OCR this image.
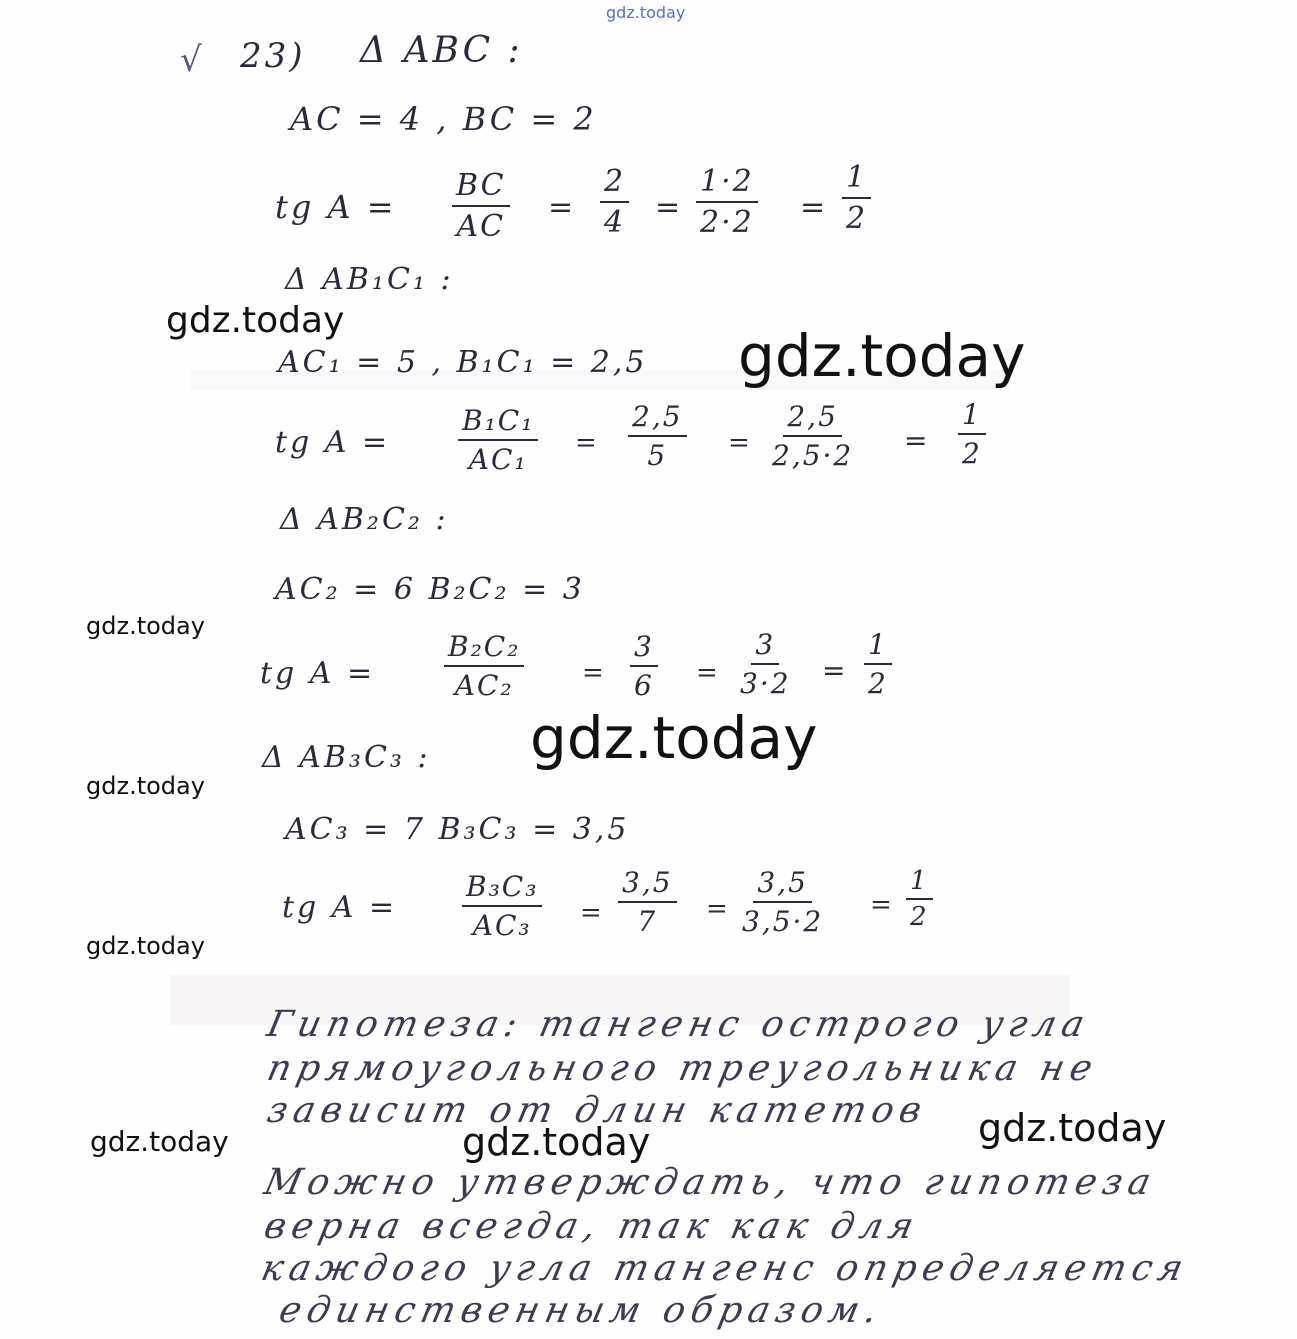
gdz.today
gdz.today
gdz.today
gdz.today
gdz.today
gdz.today
gdz.today
gdz.today	gdz.today	gdz.today
√ 23) Δ ABC :
AC = 4 , BC = 2
tg $A = \frac{BC}{AC} = \frac{2}{4} = \frac{1\cdot 2}{2\cdot 2} = \frac{1}{2}$
Δ AB₁C₁ :
AC₁ = 5 , B₁C₁ = 2,5
tg $A = \frac{\text{B₁C₁}}{\text{AC₁}} = \frac{2,5}{5} = \frac{2,5}{2,5\cdot 2} = \frac{1}{2}$
Δ AB₂C₂ :
AC₂ = 6 B₂C₂ = 3
tg $A = \frac{\text{B₂C₂}}{\text{AC₂}} = \frac{3}{6} = \frac{3}{3\cdot 2} = \frac{1}{2}$
Δ AB₃C₃ :
AC₃ = 7 B₃C₃ = 3,5
tg $A = \frac{\text{B₃C₃}}{\text{AC₃}} = \frac{3,5}{7} = \frac{3,5}{3,5\cdot 2} = \frac{1}{2}$
Гипотеза: тангенс острого угла
прямоугольного треугольника не
зависит от длин катетов
Можно утверждать, что гипотеза
верна всегда, так как для
каждого угла тангенс определяется
единственным образом.
